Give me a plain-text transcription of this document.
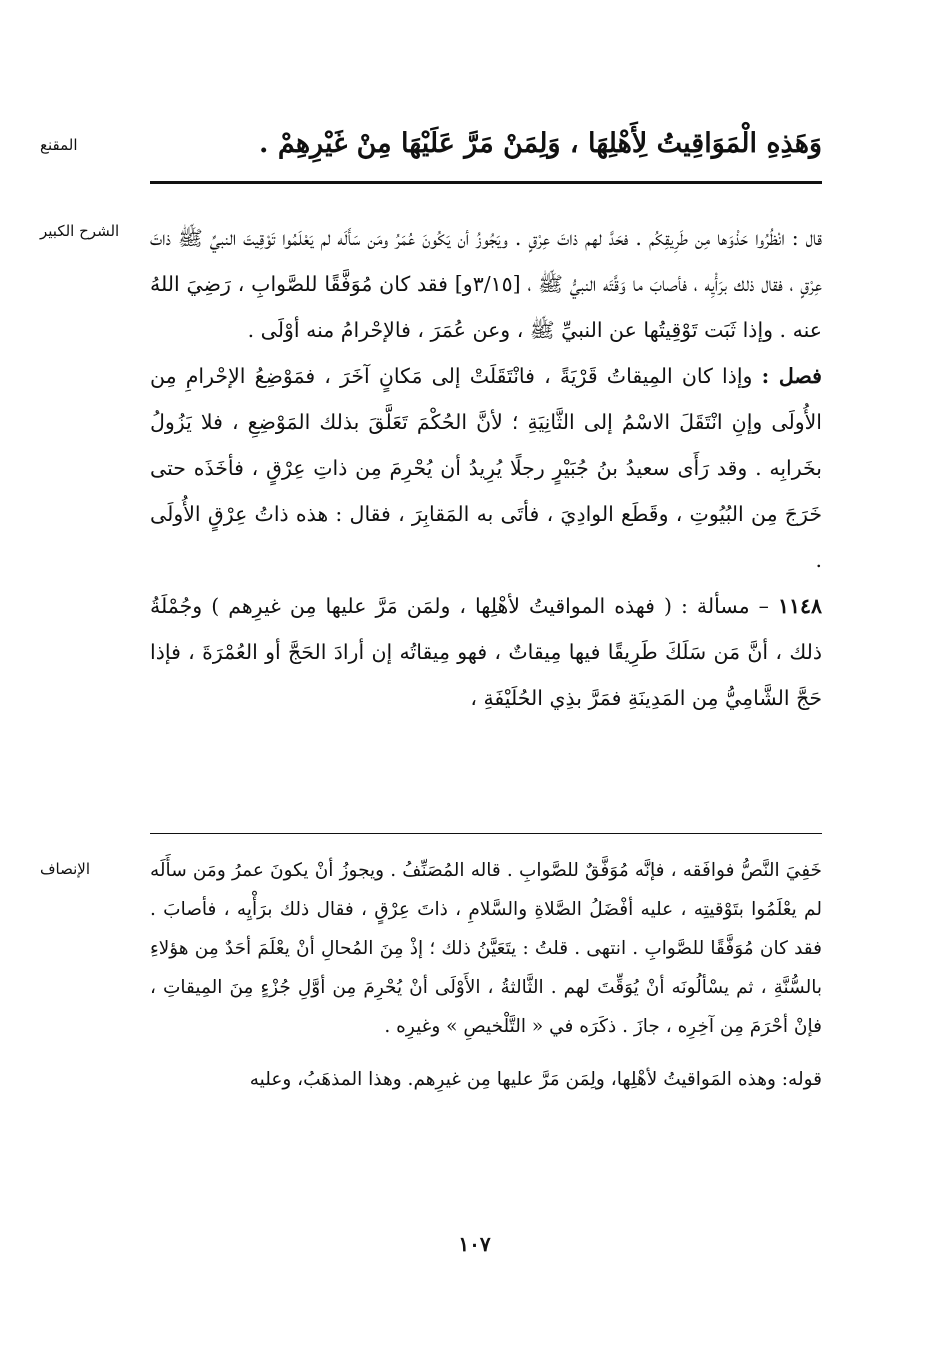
المقنع	وَهَذِهِ الْمَوَاقِيتُ لِأَهْلِهَا ، وَلِمَنْ مَرَّ عَلَيْهَا مِنْ غَيْرِهِمْ .
الشرح الكبير	قال : انْظُرُوا حَذْوَها مِن طَرِيقِكُم . فحَدَّ لهم ذاتَ عِرْقٍ . ويَجُوزُ أن يَكُونَ عُمَرُ ومَن سَأَلَه لم يَعْلَمُوا تَوْقِيتَ النبيِّ ﷺ ذاتَ عِرْقٍ ، فقال ذلك برَأْيِه ، فأصابَ ما وَقَّتَه النبيُّ ﷺ ، [٣/١٥و] فقد كان مُوَفَّقًا للصَّوابِ ، رَضِيَ اللهُ عنه . وإذا ثَبَت تَوْقِيتُها عن النبيِّ ﷺ ، وعن عُمَرَ ، فالإحْرامُ منه أوْلَى .

فصل : وإذا كان المِيقاتُ قَرْيَةً ، فانْتَقَلَتْ إلى مَكانٍ آخَرَ ، فمَوْضِعُ الإحْرامِ مِن الأُولَى وإنِ انْتَقَلَ الاسْمُ إلى الثَّانِيَةِ ؛ لأنَّ الحُكْمَ تَعَلَّقَ بذلك المَوْضِعِ ، فلا يَزُولُ بخَرابِه . وقد رَأَى سعيدُ بنُ جُبَيْرٍ رجلًا يُرِيدُ أن يُحْرِمَ مِن ذاتِ عِرْقٍ ، فأخَذَه حتى خَرَجَ مِن البُيُوتِ ، وقَطَع الوادِيَ ، فأتَى به المَقابِرَ ، فقال : هذه ذاتُ عِرْقٍ الأُولَى .

١١٤٨ – مسألة : ( فهذه المواقيتُ لأهْلِها ، ولمَن مَرَّ عليها مِن غيرِهم ) وجُمْلَةُ ذلك ، أنَّ مَن سَلَكَ طَرِيقًا فيها مِيقاتٌ ، فهو مِيقاتُه إن أرادَ الحَجَّ أو العُمْرَةَ ، فإذا حَجَّ الشَّامِيُّ مِن المَدِينَةِ فمَرَّ بذِي الحُلَيْفَةِ ،

الإنصاف	خَفِيَ النَّصُّ فوافَقه ، فإنَّه مُوَفَّقٌ للصَّوابِ . قاله المُصَنِّفُ . ويجوزُ أنْ يكونَ عمرُ ومَن سأَلَه لم يعْلَمُوا بتَوْقيتِه ، عليه أفْضَلُ الصَّلاةِ والسَّلامِ ، ذاتَ عِرْقٍ ، فقال ذلك برَأْيِه ، فأصابَ . فقد كان مُوَفَّقًا للصَّوابِ . انتهى . قلتُ : يتَعَيَّنُ ذلك ؛ إذْ مِنَ المُحالِ أنْ يعْلَمَ أحَدٌ مِن هؤلاءِ بالسُّنَّةِ ، ثم يسْألُونَه أنْ يُوَقِّتَ لهم . الثَّالثةُ ، الأَوْلَى أنْ يُحْرِمَ مِن أوَّلِ جُزْءٍ مِنَ المِيقاتِ ، فإنْ أحْرَمَ مِن آخِرِه ، جازَ . ذكَرَه في « التَّلْخيصِ » وغيرِه .

قوله: وهذه المَواقيتُ لأهْلِها، ولِمَن مَرَّ عليها مِن غيرِهم. وهذا المذهَبُ، وعليه

١٠٧
